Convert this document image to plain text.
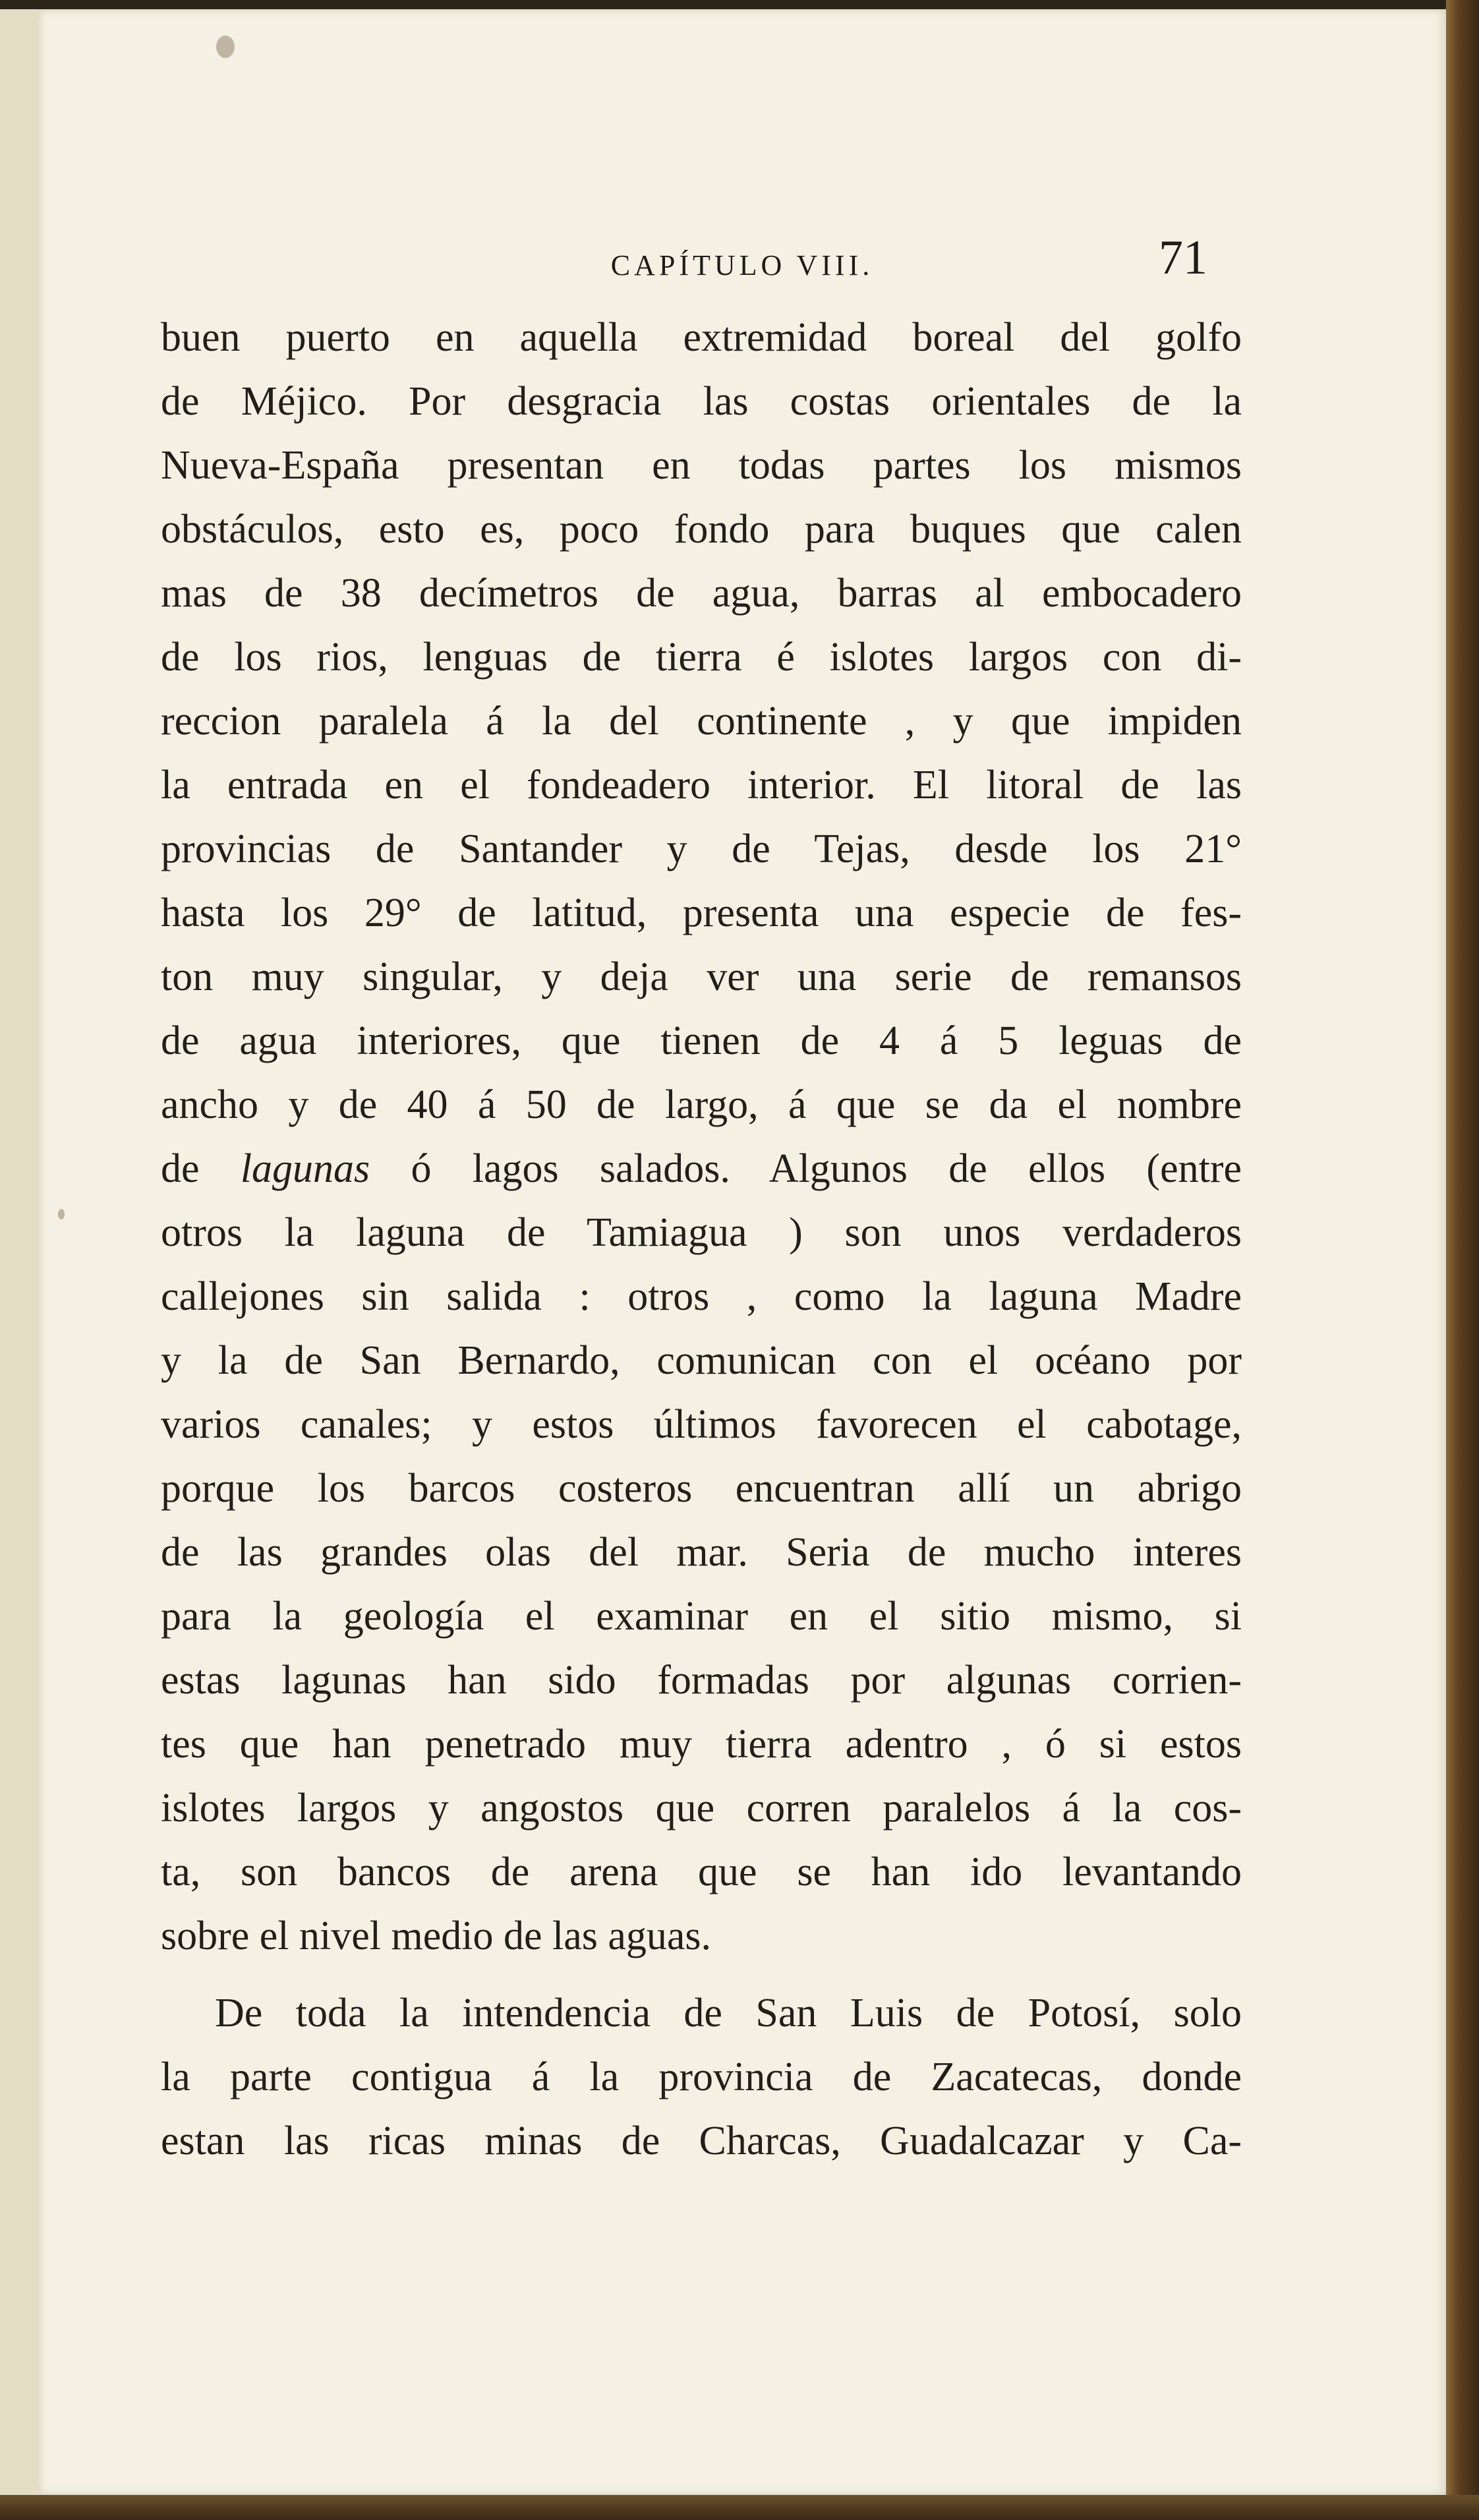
CAPÍTULO VIII.	71
buen puerto en aquella extremidad boreal del golfo
de Méjico. Por desgracia las costas orientales de la
Nueva-España presentan en todas partes los mismos
obstáculos, esto es, poco fondo para buques que calen
mas de 38 decímetros de agua, barras al embocadero
de los rios, lenguas de tierra é islotes largos con di-
reccion paralela á la del continente , y que impiden
la entrada en el fondeadero interior. El litoral de las
provincias de Santander y de Tejas, desde los 21°
hasta los 29° de latitud, presenta una especie de fes-
ton muy singular, y deja ver una serie de remansos
de agua interiores, que tienen de 4 á 5 leguas de
ancho y de 40 á 50 de largo, á que se da el nombre
de lagunas ó lagos salados. Algunos de ellos (entre
otros la laguna de Tamiagua ) son unos verdaderos
callejones sin salida : otros , como la laguna Madre
y la de San Bernardo, comunican con el océano por
varios canales; y estos últimos favorecen el cabotage,
porque los barcos costeros encuentran allí un abrigo
de las grandes olas del mar. Seria de mucho interes
para la geología el examinar en el sitio mismo, si
estas lagunas han sido formadas por algunas corrien-
tes que han penetrado muy tierra adentro , ó si estos
islotes largos y angostos que corren paralelos á la cos-
ta, son bancos de arena que se han ido levantando
sobre el nivel medio de las aguas.
De toda la intendencia de San Luis de Potosí, solo
la parte contigua á la provincia de Zacatecas, donde
estan las ricas minas de Charcas, Guadalcazar y Ca-
